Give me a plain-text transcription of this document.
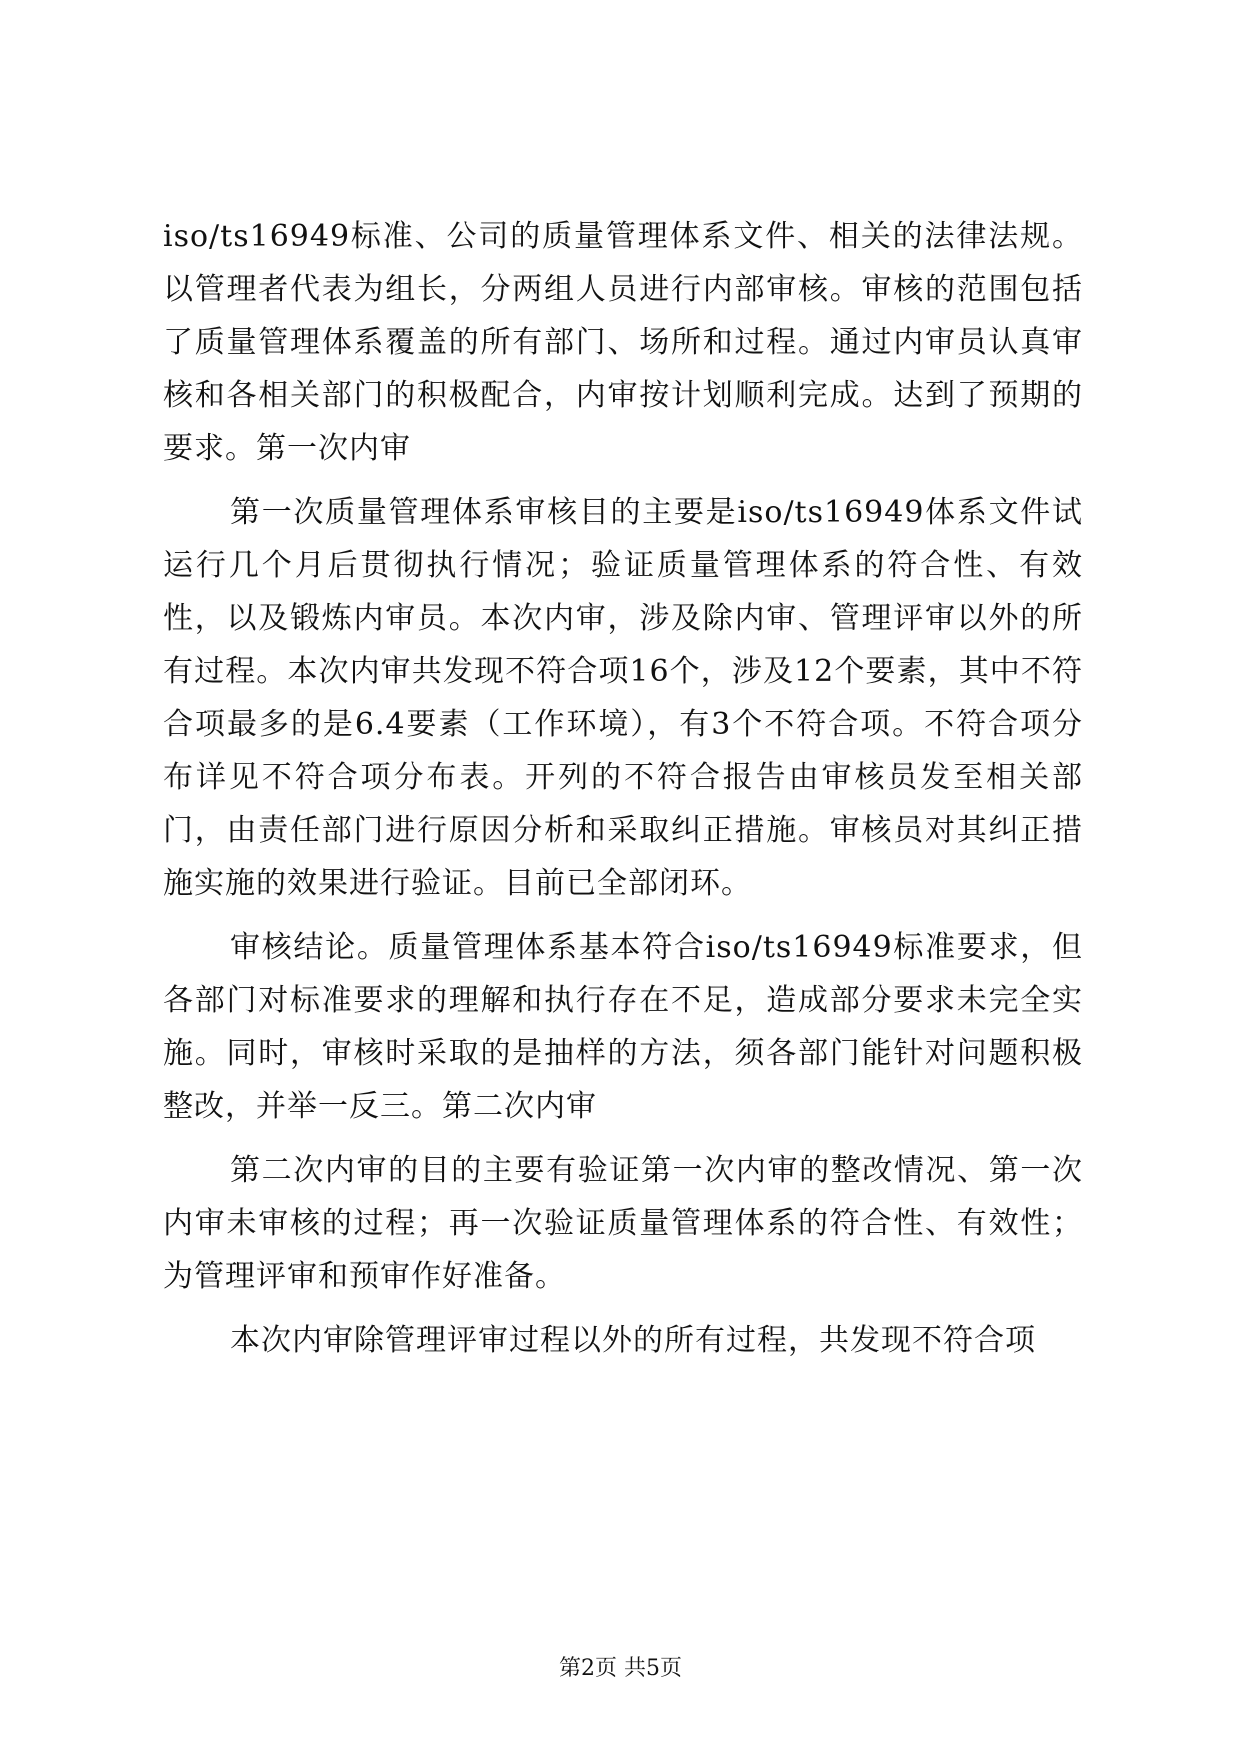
iso/ts16949标准、公司的质量管理体系文件、相关的法律法规。以管理者代表为组长，分两组人员进行内部审核。审核的范围包括了质量管理体系覆盖的所有部门、场所和过程。通过内审员认真审核和各相关部门的积极配合，内审按计划顺利完成。达到了预期的要求。第一次内审

第一次质量管理体系审核目的主要是iso/ts16949体系文件试运行几个月后贯彻执行情况；验证质量管理体系的符合性、有效性，以及锻炼内审员。本次内审，涉及除内审、管理评审以外的所有过程。本次内审共发现不符合项16个，涉及12个要素，其中不符合项最多的是6.4要素（工作环境），有3个不符合项。不符合项分布详见不符合项分布表。开列的不符合报告由审核员发至相关部门，由责任部门进行原因分析和采取纠正措施。审核员对其纠正措施实施的效果进行验证。目前已全部闭环。

审核结论。质量管理体系基本符合iso/ts16949标准要求，但各部门对标准要求的理解和执行存在不足，造成部分要求未完全实施。同时，审核时采取的是抽样的方法，须各部门能针对问题积极整改，并举一反三。第二次内审

第二次内审的目的主要有验证第一次内审的整改情况、第一次内审未审核的过程；再一次验证质量管理体系的符合性、有效性；为管理评审和预审作好准备。

本次内审除管理评审过程以外的所有过程，共发现不符合项

第2页 共5页
